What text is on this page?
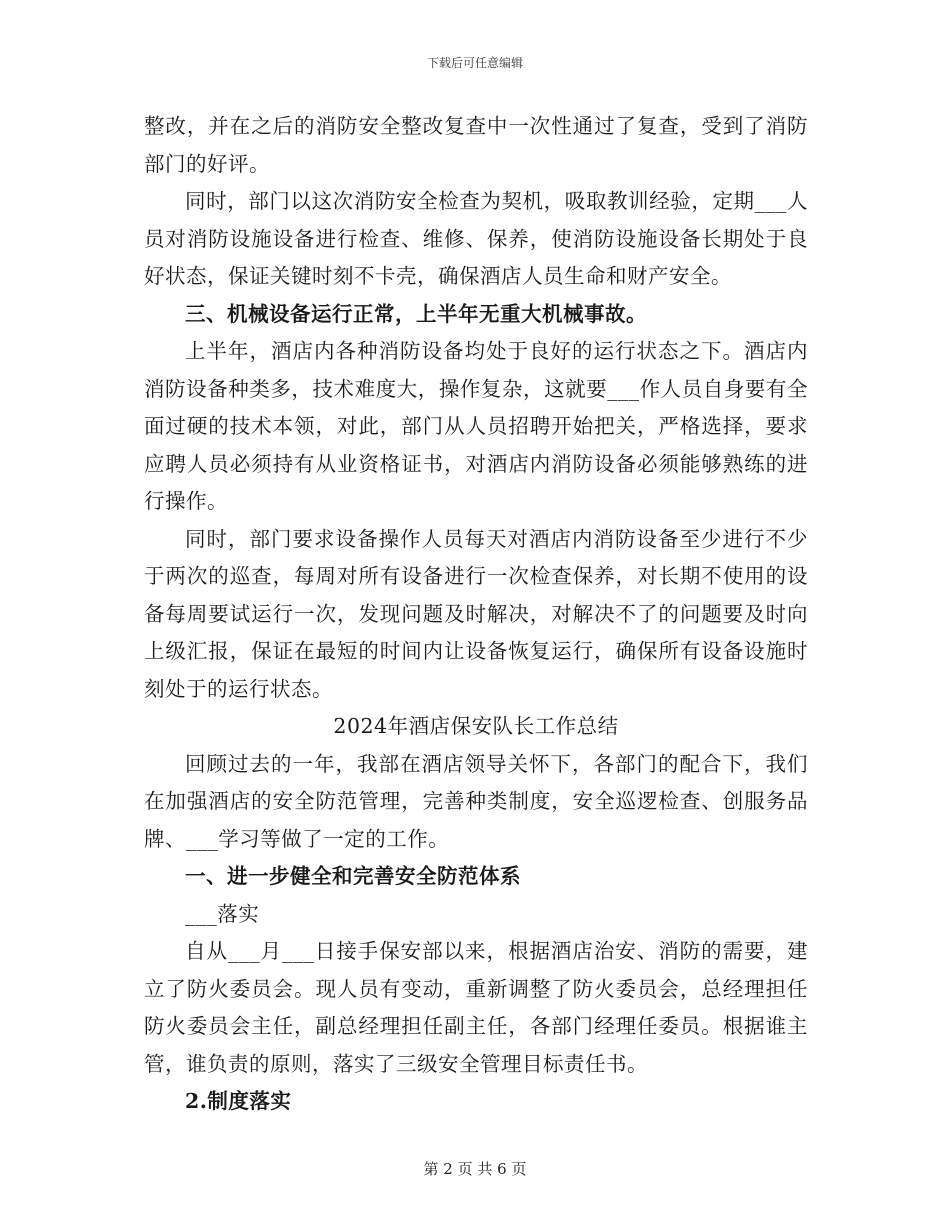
下载后可任意编辑

整改，并在之后的消防安全整改复查中一次性通过了复查，受到了消防部门的好评。

同时，部门以这次消防安全检查为契机，吸取教训经验，定期___人员对消防设施设备进行检查、维修、保养，使消防设施设备长期处于良好状态，保证关键时刻不卡壳，确保酒店人员生命和财产安全。

三、机械设备运行正常，上半年无重大机械事故。

上半年，酒店内各种消防设备均处于良好的运行状态之下。酒店内消防设备种类多，技术难度大，操作复杂，这就要___作人员自身要有全面过硬的技术本领，对此，部门从人员招聘开始把关，严格选择，要求应聘人员必须持有从业资格证书，对酒店内消防设备必须能够熟练的进行操作。

同时，部门要求设备操作人员每天对酒店内消防设备至少进行不少于两次的巡查，每周对所有设备进行一次检查保养，对长期不使用的设备每周要试运行一次，发现问题及时解决，对解决不了的问题要及时向上级汇报，保证在最短的时间内让设备恢复运行，确保所有设备设施时刻处于的运行状态。

2024年酒店保安队长工作总结

回顾过去的一年，我部在酒店领导关怀下，各部门的配合下，我们在加强酒店的安全防范管理，完善种类制度，安全巡逻检查、创服务品牌、___学习等做了一定的工作。

一、进一步健全和完善安全防范体系

___落实

自从___月___日接手保安部以来，根据酒店治安、消防的需要，建立了防火委员会。现人员有变动，重新调整了防火委员会，总经理担任防火委员会主任，副总经理担任副主任，各部门经理任委员。根据谁主管，谁负责的原则，落实了三级安全管理目标责任书。

2.制度落实

第 2 页 共 6 页
